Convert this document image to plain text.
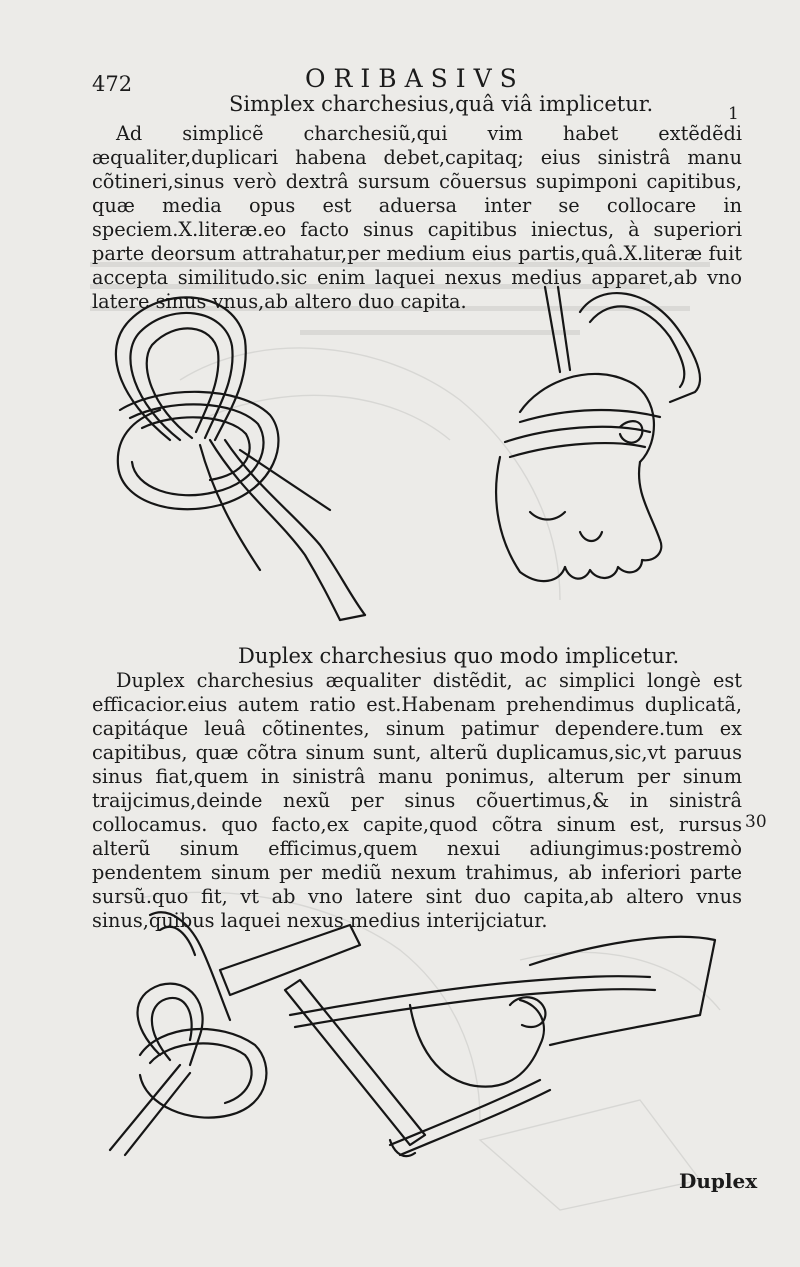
472	ORIBASIVS
1
Simplex charchesius,quâ viâ implicetur.

Ad simplicẽ charchesiũ,qui vim habet extẽdẽdi æqualiter,duplicari habena debet,capitaq; eius sinistrâ manu cõtineri,sinus verò dextrâ sursum cõuersus supimponi capitibus, quæ media opus est aduersa inter se collocare in speciem.X.literæ.eo facto sinus capitibus iniectus, à superiori parte deorsum attrahatur,per medium eius partis,quâ.X.literæ fuit accepta similitudo.sic enim laquei nexus medius apparet,ab vno latere sinus vnus,ab altero duo capita.

Duplex charchesius quo modo implicetur.

Duplex charchesius æqualiter distẽdit, ac simplici longè est efficacior.eius autem ratio est.Habenam prehendimus duplicatã, capitáque leuâ cõtinentes, sinum patimur dependere.tum ex capitibus, quæ cõtra sinum sunt, alterũ duplicamus,sic,vt paruus sinus fiat,quem in sinistrâ manu ponimus, alterum per sinum traijcimus,deinde nexũ per sinus cõuertimus,& in sinistrâ collocamus. quo facto,ex capite,quod cõtra sinum est, rursus alterũ sinum efficimus,quem nexui adiungimus:postremò pendentem sinum per mediũ nexum trahimus, ab inferiori parte sursũ.quo fit, vt ab vno latere sint duo capita,ab altero vnus sinus,quibus laquei nexus medius interijciatur.

30
Duplex
